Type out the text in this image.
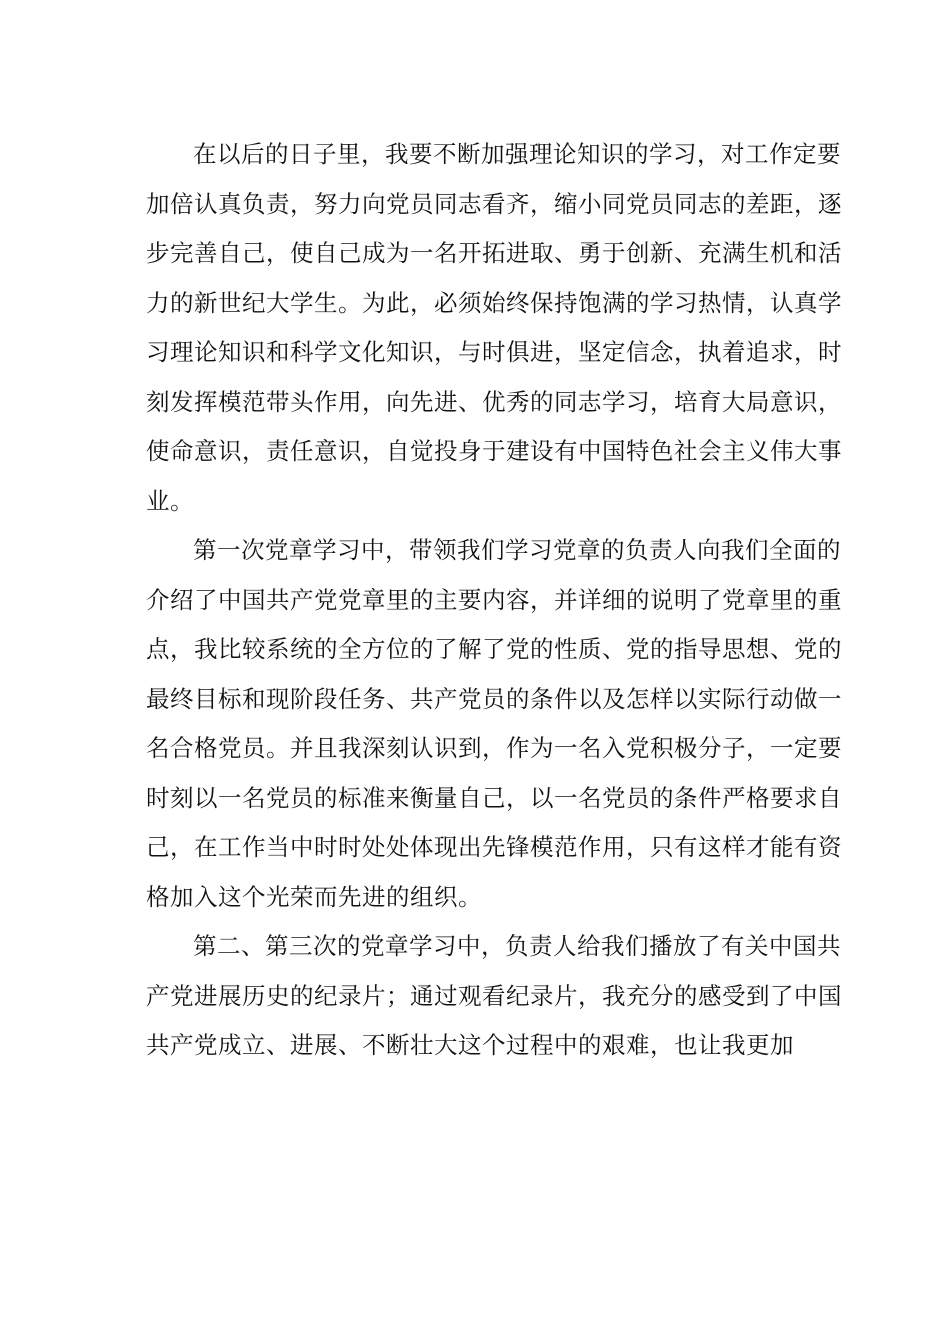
在以后的日子里，我要不断加强理论知识的学习，对工作定要
加倍认真负责，努力向党员同志看齐，缩小同党员同志的差距，逐
步完善自己，使自己成为一名开拓进取、勇于创新、充满生机和活
力的新世纪大学生。为此，必须始终保持饱满的学习热情，认真学
习理论知识和科学文化知识，与时俱进，坚定信念，执着追求，时
刻发挥模范带头作用，向先进、优秀的同志学习，培育大局意识，
使命意识，责任意识，自觉投身于建设有中国特色社会主义伟大事
业。
第一次党章学习中，带领我们学习党章的负责人向我们全面的
介绍了中国共产党党章里的主要内容，并详细的说明了党章里的重
点，我比较系统的全方位的了解了党的性质、党的指导思想、党的
最终目标和现阶段任务、共产党员的条件以及怎样以实际行动做一
名合格党员。并且我深刻认识到，作为一名入党积极分子，一定要
时刻以一名党员的标准来衡量自己，以一名党员的条件严格要求自
己，在工作当中时时处处体现出先锋模范作用，只有这样才能有资
格加入这个光荣而先进的组织。
第二、第三次的党章学习中，负责人给我们播放了有关中国共
产党进展历史的纪录片；通过观看纪录片，我充分的感受到了中国
共产党成立、进展、不断壮大这个过程中的艰难，也让我更加
